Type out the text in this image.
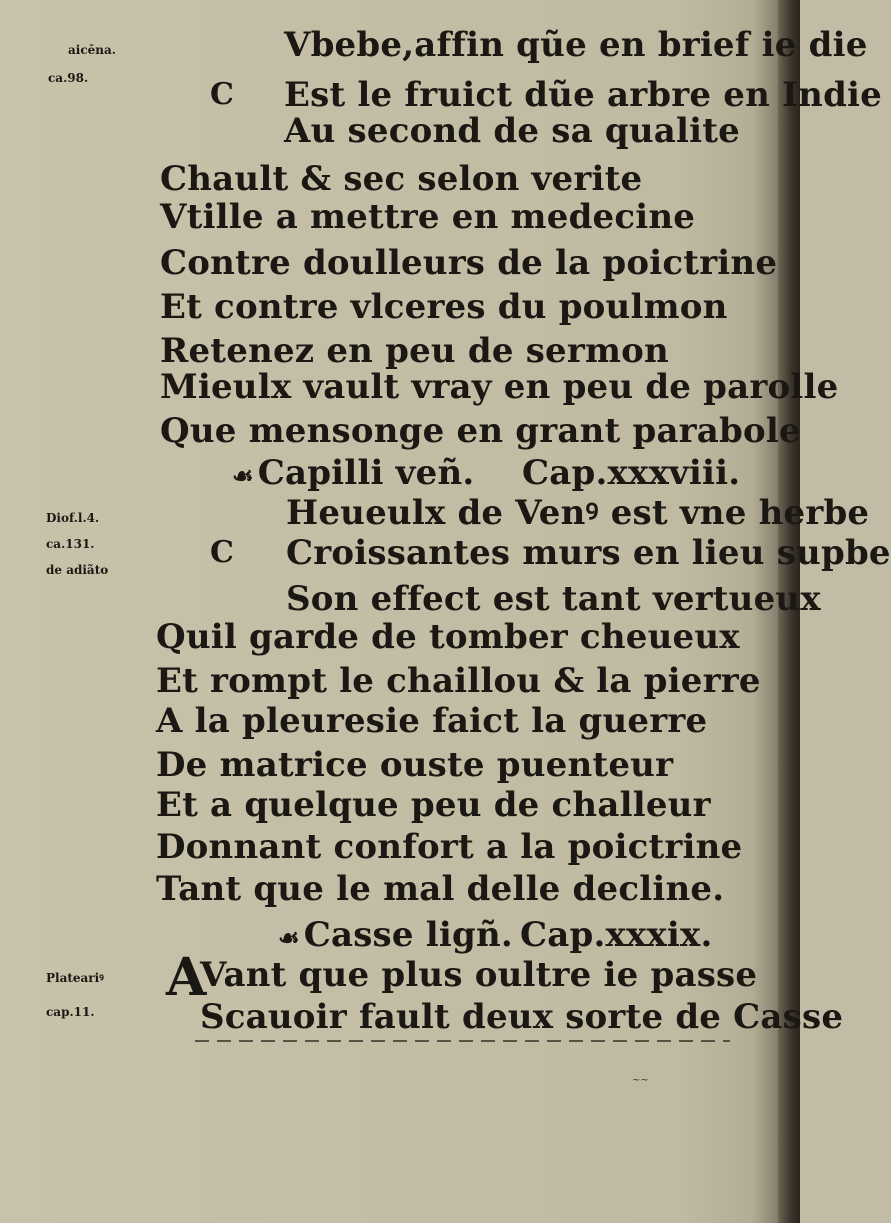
aicēna.
ca.98.
Diof.l.4.
ca.131.
de adiãto
Plateariꝰ
cap.11.
C
C
Vbebe,affin qũe en brief ie die
Est le fruict dũe arbre en Indie
Au second de sa qualite
Chault & sec selon verite
Vtille a mettre en medecine
Contre doulleurs de la poictrine
Et contre vlceres du poulmon
Retenez en peu de sermon
Mieulx vault vray en peu de parolle
Que mensonge en grant parabole
☙ Capilli veñ. Cap.xxxviii.
Heueulx de Venꝰ est vne herbe
Croissantes murs en lieu supbe
Son effect est tant vertueux
Quil garde de tomber cheueux
Et rompt le chaillou & la pierre
A la pleuresie faict la guerre
De matrice ouste puenteur
Et a quelque peu de challeur
Donnant confort a la poictrine
Tant que le mal delle decline.
☙ Casse ligñ. Cap.xxxix.
A
Vant que plus oultre ie passe
Scauoir fault deux sorte de Casse
~~
